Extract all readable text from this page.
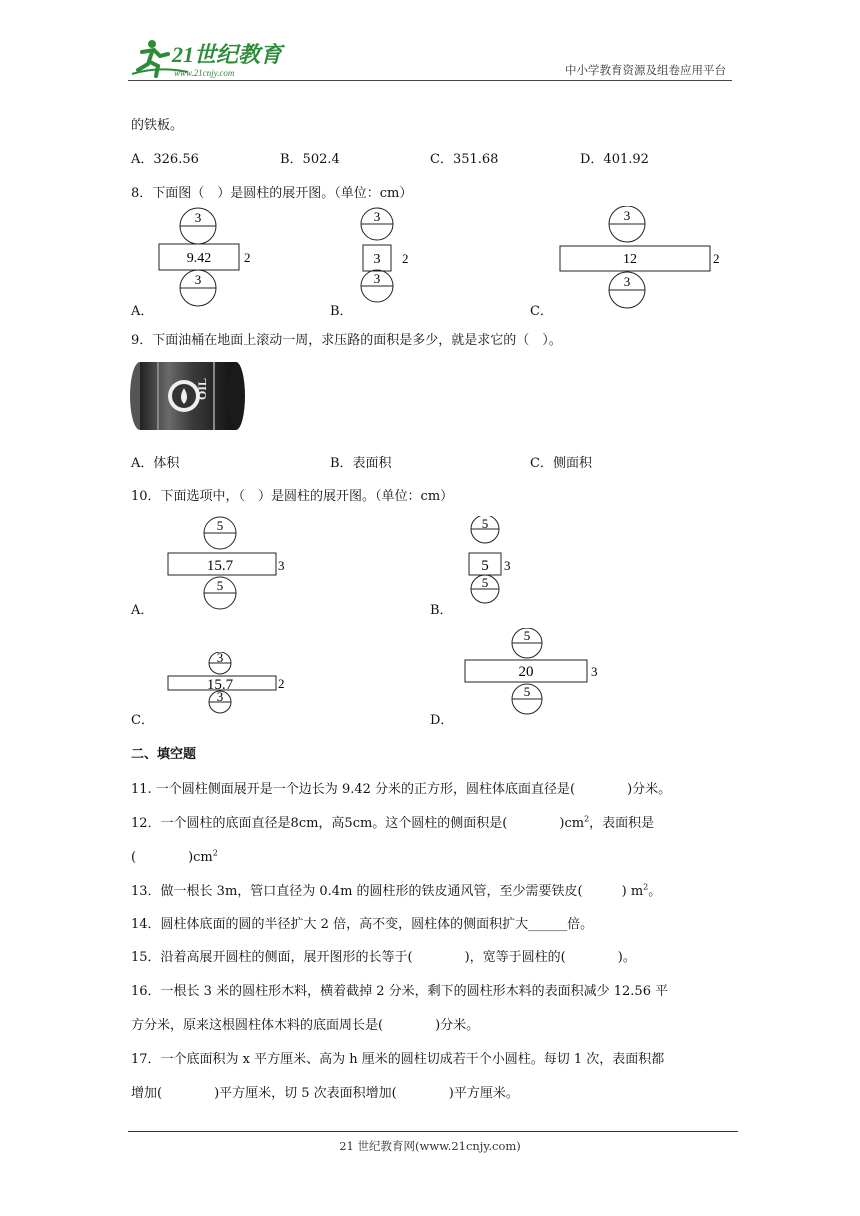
21世纪教育
www.21cnjy.com	中小学教育资源及组卷应用平台
的铁板。
A．326.56	B．502.4	C．351.68	D．401.92
8．下面图（　）是圆柱的展开图。（单位：cm）
3
9.42	2
3
A．
3
3 2
3
B．
3
12	2
3
C．
9．下面油桶在地面上滚动一周，求压路的面积是多少，就是求它的（　）。
OIL
A．体积	B．表面积	C．侧面积
10．下面选项中，（　）是圆柱的展开图。（单位：cm）
5
15.7	3
5
A．
5
5 3
5
B．
3
15.7	2
3
C．
5
20	3
5
D．
二、填空题
11. 一个圆柱侧面展开是一个边长为 9.42 分米的正方形，圆柱体底面直径是(　　　　)分米。
12．一个圆柱的底面直径是8cm，高5cm。这个圆柱的侧面积是(　　　　)$cm^2$，表面积是
(　　　　)$cm^2$
13．做一根长 3m，管口直径为 0.4m 的圆柱形的铁皮通风管，至少需要铁皮(　　　) $m^2$。
14．圆柱体底面的圆的半径扩大 2 倍，高不变，圆柱体的侧面积扩大______倍。
15．沿着高展开圆柱的侧面，展开图形的长等于(　　　　)，宽等于圆柱的(　　　　)。
16．一根长 3 米的圆柱形木料，横着截掉 2 分米，剩下的圆柱形木料的表面积减少 12.56 平
方分米，原来这根圆柱体木料的底面周长是(　　　　)分米。
17．一个底面积为 x 平方厘米、高为 h 厘米的圆柱切成若干个小圆柱。每切 1 次，表面积都
增加(　　　　)平方厘米，切 5 次表面积增加(　　　　)平方厘米。
21 世纪教育网(www.21cnjy.com)
